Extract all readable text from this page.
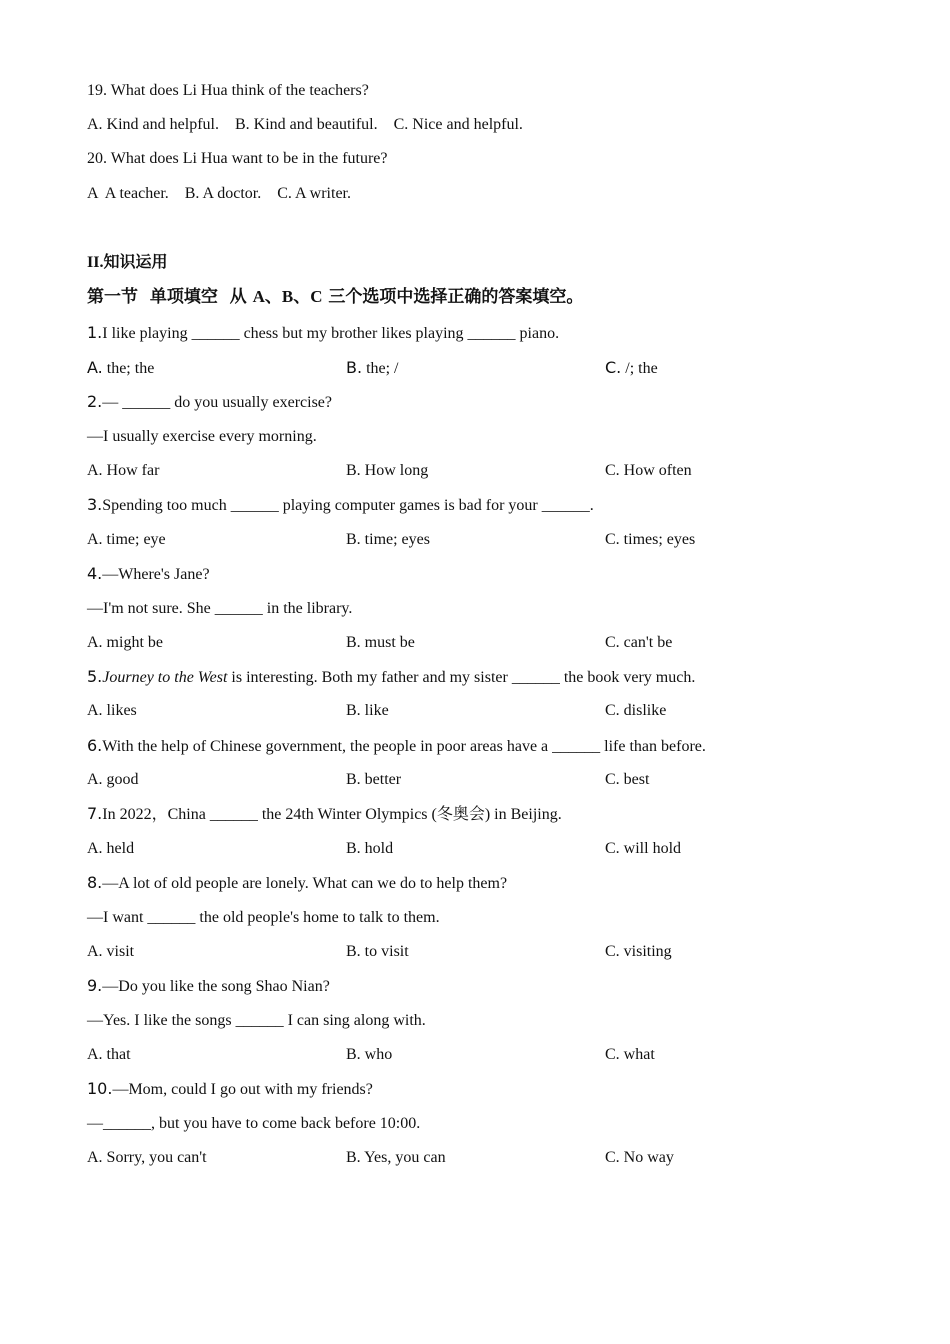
19. What does Li Hua think of the teachers?
A. Kind and helpful.    B. Kind and beautiful.    C. Nice and helpful.
20. What does Li Hua want to be in the future?
A  A teacher.    B. A doctor.    C. A writer.
II.知识运用
第一节  单项填空  从 A、B、C 三个选项中选择正确的答案填空。
1.I like playing ______ chess but my brother likes playing ______ piano.
A. the; the	B. the; /	C. /; the
2.— ______ do you usually exercise?
—I usually exercise every morning.
A. How far	B. How long	C. How often
3.Spending too much ______ playing computer games is bad for your ______.
A. time; eye	B. time; eyes	C. times; eyes
4.—Where's Jane?
—I'm not sure. She ______ in the library.
A. might be	B. must be	C. can't be
5.Journey to the West is interesting. Both my father and my sister ______ the book very much.
A. likes	B. like	C. dislike
6.With the help of Chinese government, the people in poor areas have a ______ life than before.
A. good	B. better	C. best
7.In 2022，China ______ the 24th Winter Olympics (冬奥会) in Beijing.
A. held	B. hold	C. will hold
8.—A lot of old people are lonely. What can we do to help them?
—I want ______ the old people's home to talk to them.
A. visit	B. to visit	C. visiting
9.—Do you like the song Shao Nian?
—Yes. I like the songs ______ I can sing along with.
A. that	B. who	C. what
10.—Mom, could I go out with my friends?
—______, but you have to come back before 10:00.
A. Sorry, you can't	B. Yes, you can	C. No way
